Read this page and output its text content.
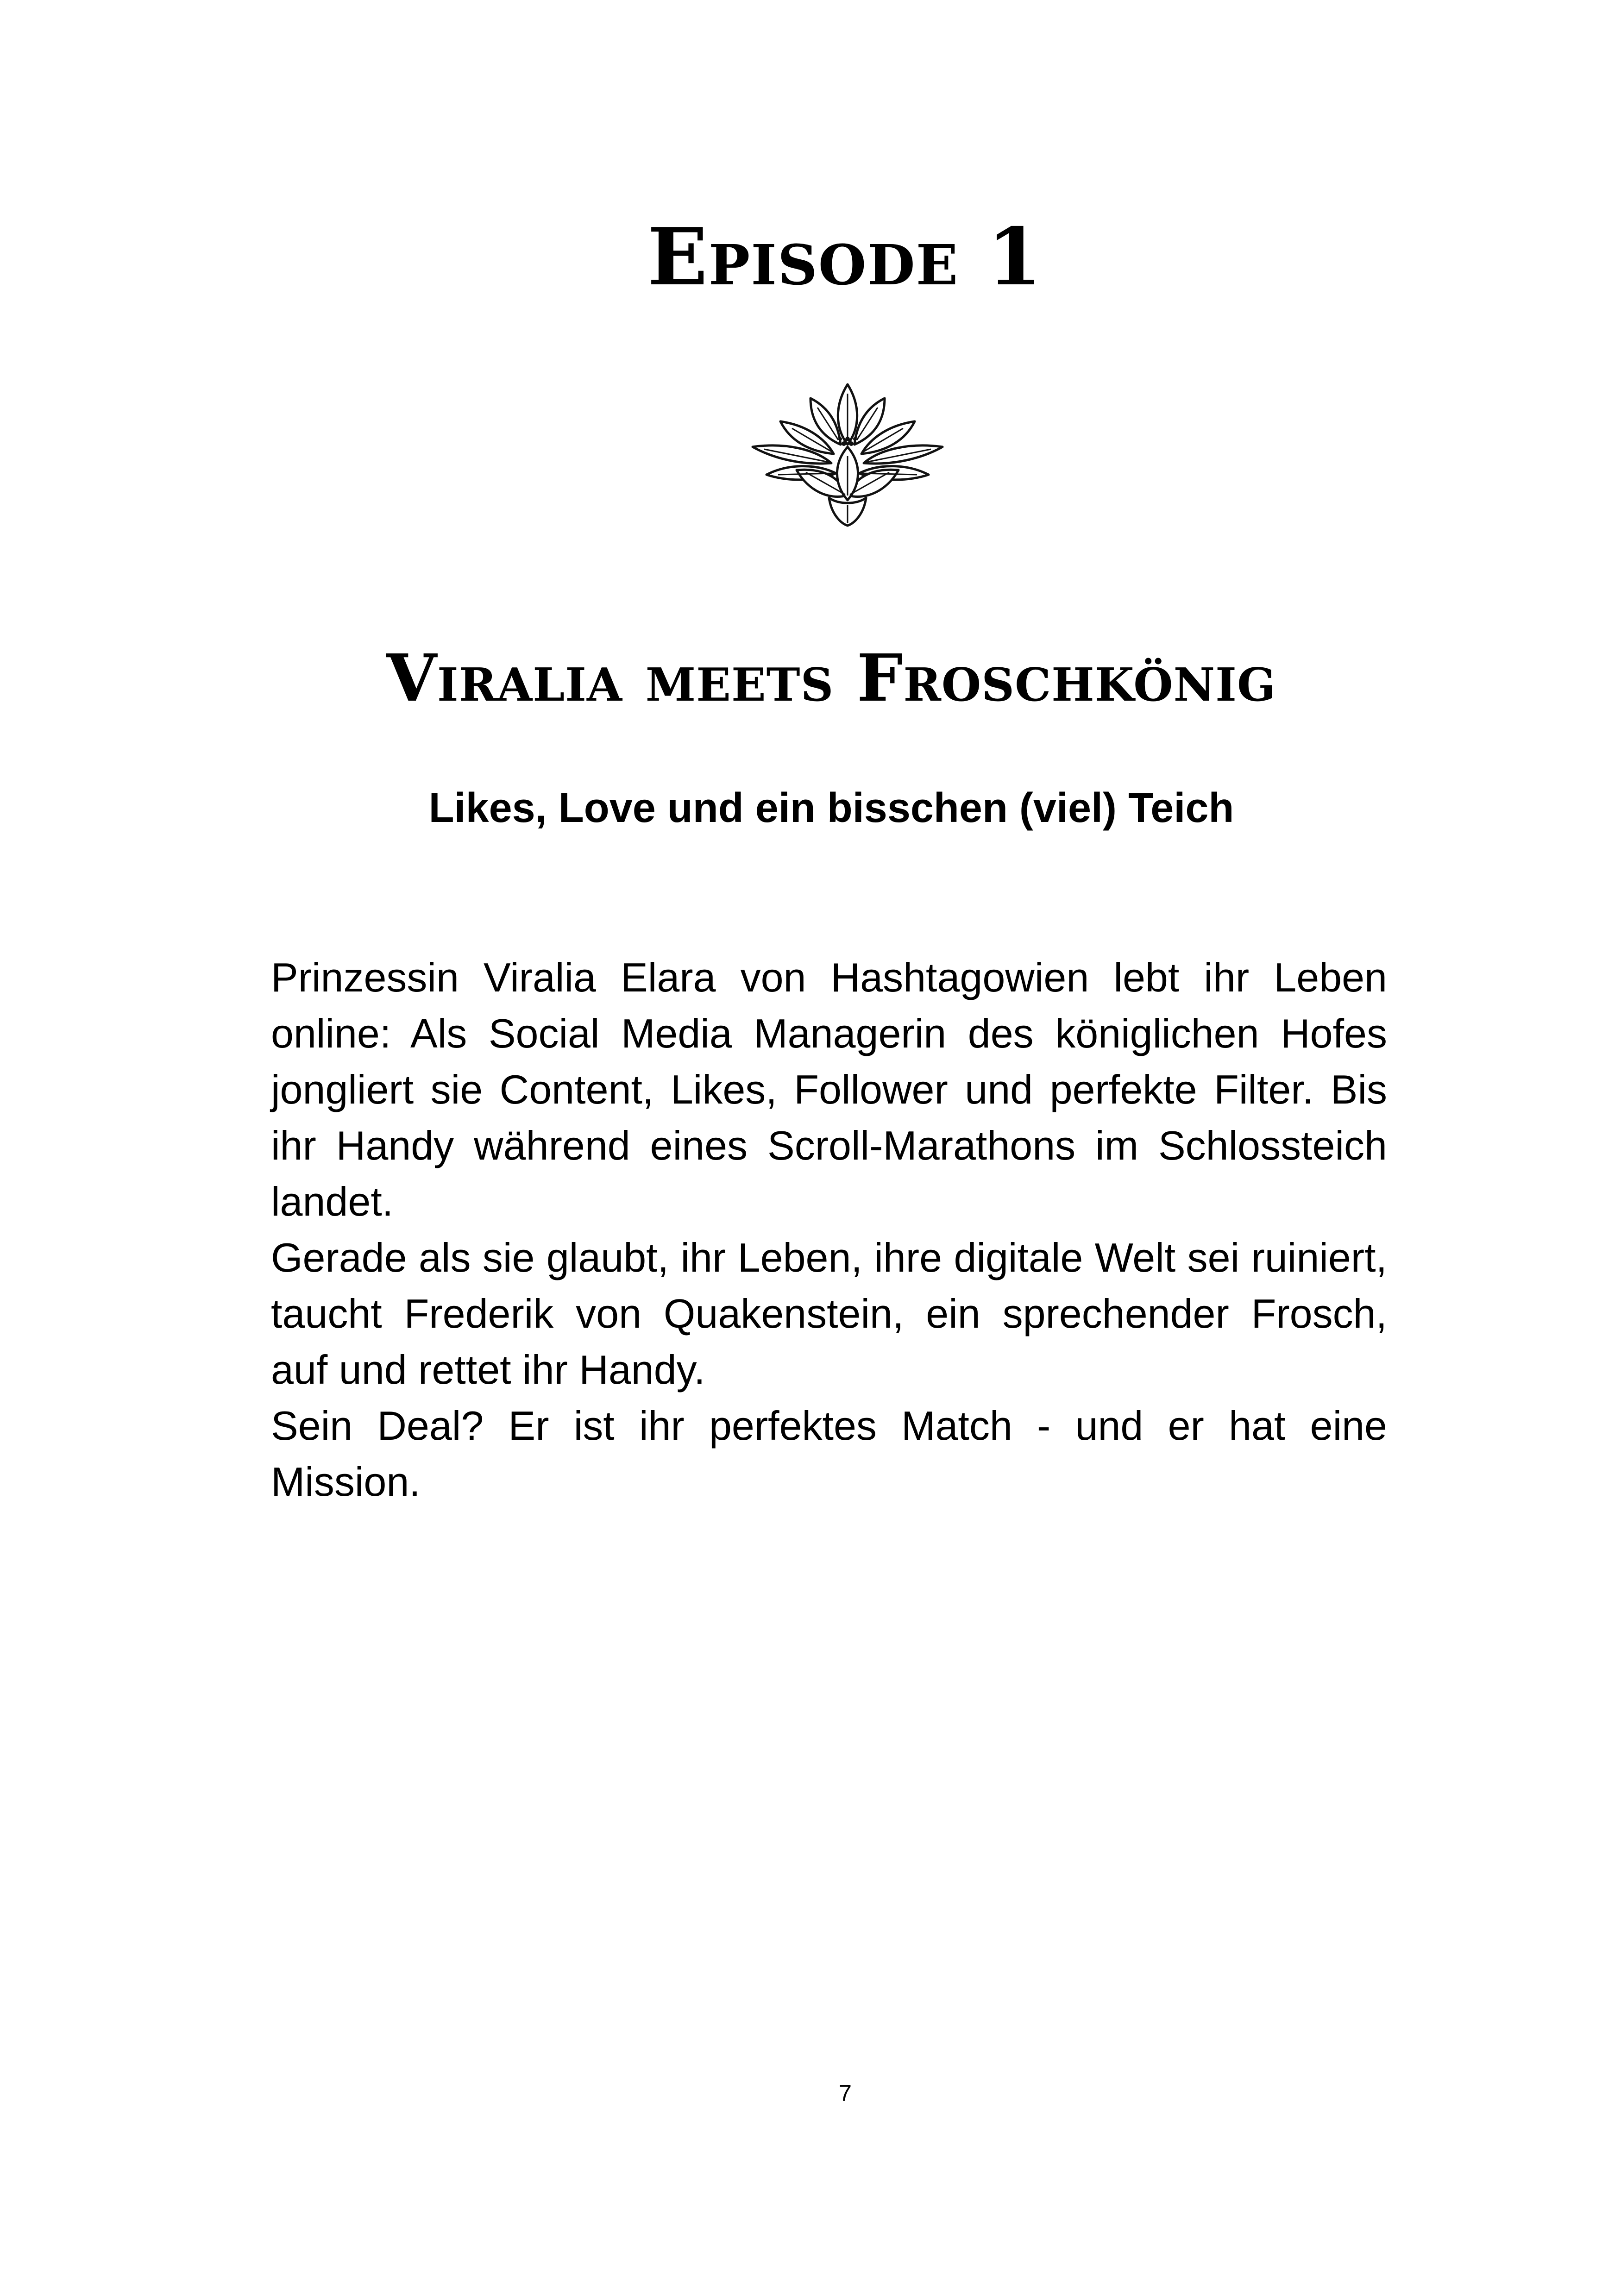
Episode 1
Viralia meets Froschkönig
Likes, Love und ein bisschen (viel) Teich

Prinzessin Viralia Elara von Hashtagowien lebt ihr Leben online: Als Social Media Managerin des königlichen Hofes jongliert sie Content, Likes, Follower und perfekte Filter. Bis ihr Handy während eines Scroll-Marathons im Schlossteich landet.

Gerade als sie glaubt, ihr Leben, ihre digitale Welt sei ruiniert, taucht Frederik von Quakenstein, ein sprechender Frosch, auf und rettet ihr Handy.

Sein Deal? Er ist ihr perfektes Match - und er hat eine Mission.

7
